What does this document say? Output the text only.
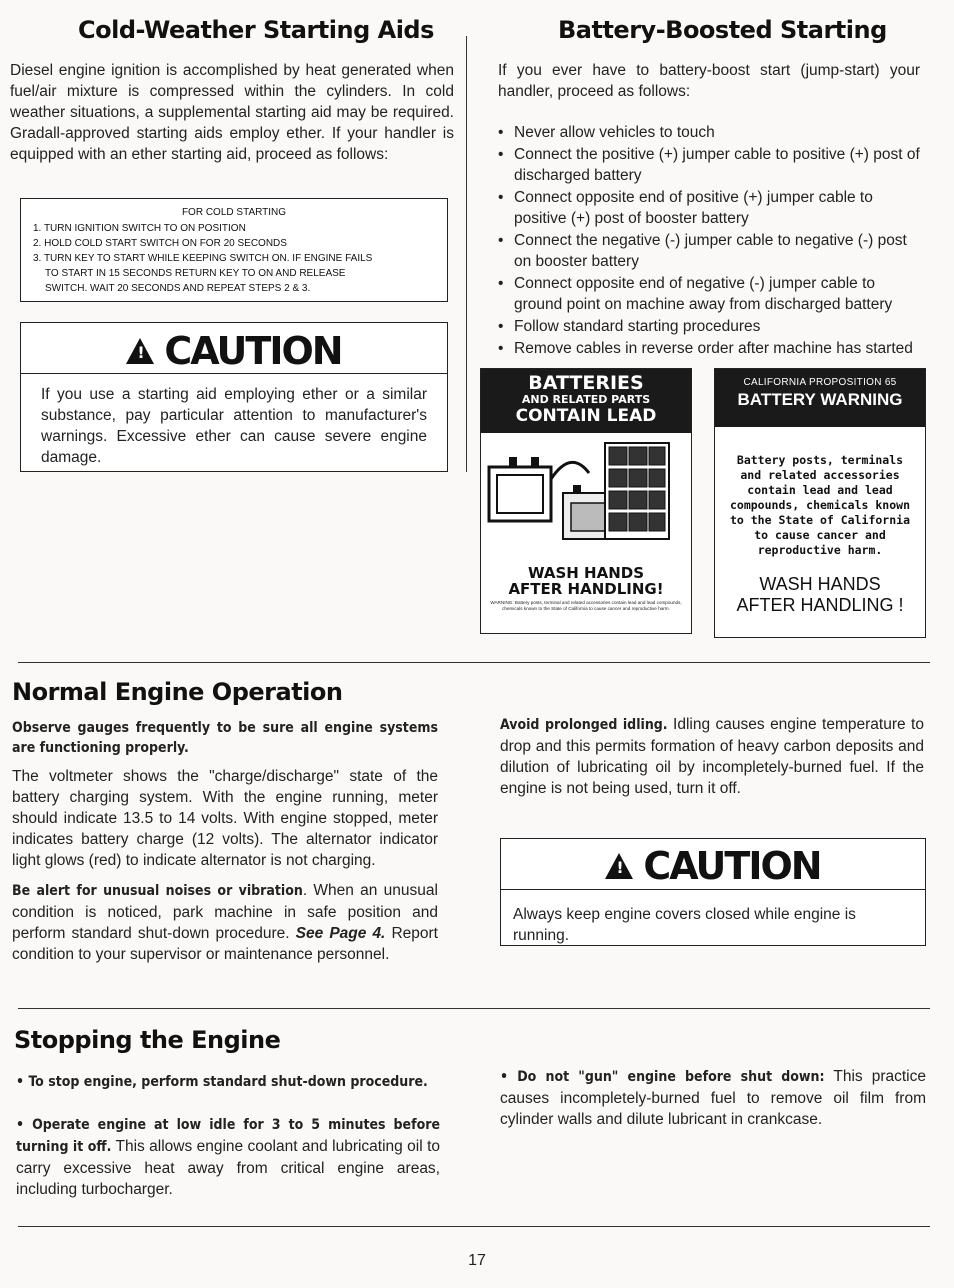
Cold-Weather Starting Aids
Diesel engine ignition is accomplished by heat generated when fuel/air mixture is compressed within the cylinders. In cold weather situations, a supplemental starting aid may be required. Gradall-approved starting aids employ ether. If your handler is equipped with an ether starting aid, proceed as follows:
FOR COLD STARTING
1. TURN IGNITION SWITCH TO ON POSITION
2. HOLD COLD START SWITCH ON FOR 20 SECONDS
3. TURN KEY TO START WHILE KEEPING SWITCH ON. IF ENGINE FAILS
TO START IN 15 SECONDS RETURN KEY TO ON AND RELEASE
SWITCH. WAIT 20 SECONDS AND REPEAT STEPS 2 & 3.
!
CAUTION
If you use a starting aid employing ether or a similar substance, pay particular attention to manufacturer's warnings. Excessive ether can cause severe engine damage.
Battery-Boosted Starting
If you ever have to battery-boost start (jump-start) your handler, proceed as follows:
• Never allow vehicles to touch
• Connect the positive (+) jumper cable to positive (+) post of discharged battery
• Connect opposite end of positive (+) jumper cable to positive (+) post of booster battery
• Connect the negative (-) jumper cable to negative (-) post on booster battery
• Connect opposite end of negative (-) jumper cable to ground point on machine away from discharged battery
• Follow standard starting procedures
• Remove cables in reverse order after machine has started
BATTERIES
AND RELATED PARTS
CONTAIN LEAD
WASH HANDS
AFTER HANDLING!
WARNING: Battery posts, terminal and related accessories contain lead and lead compounds, chemicals known to the State of California to cause cancer and reproductive harm.
CALIFORNIA PROPOSITION 65
BATTERY WARNING
Battery posts, terminals and related accessories contain lead and lead compounds, chemicals known to the State of California to cause cancer and reproductive harm.
WASH HANDS
AFTER HANDLING !
Normal Engine Operation
Observe gauges frequently to be sure all engine systems are functioning properly.
The voltmeter shows the "charge/discharge" state of the battery charging system. With the engine running, meter should indicate 13.5 to 14 volts. With engine stopped, meter indicates battery charge (12 volts). The alternator indicator light glows (red) to indicate alternator is not charging.
Be alert for unusual noises or vibration. When an unusual condition is noticed, park machine in safe position and perform standard shut-down procedure. See Page 4. Report condition to your supervisor or maintenance personnel.
Avoid prolonged idling. Idling causes engine temperature to drop and this permits formation of heavy carbon deposits and dilution of lubricating oil by incompletely-burned fuel. If the engine is not being used, turn it off.
!
CAUTION
Always keep engine covers closed while engine is running.
Stopping the Engine
• To stop engine, perform standard shut-down procedure.
• Operate engine at low idle for 3 to 5 minutes before turning it off. This allows engine coolant and lubricating oil to carry excessive heat away from critical engine areas, including turbocharger.
• Do not "gun" engine before shut down: This practice causes incompletely-burned fuel to remove oil film from cylinder walls and dilute lubricant in crankcase.
17
